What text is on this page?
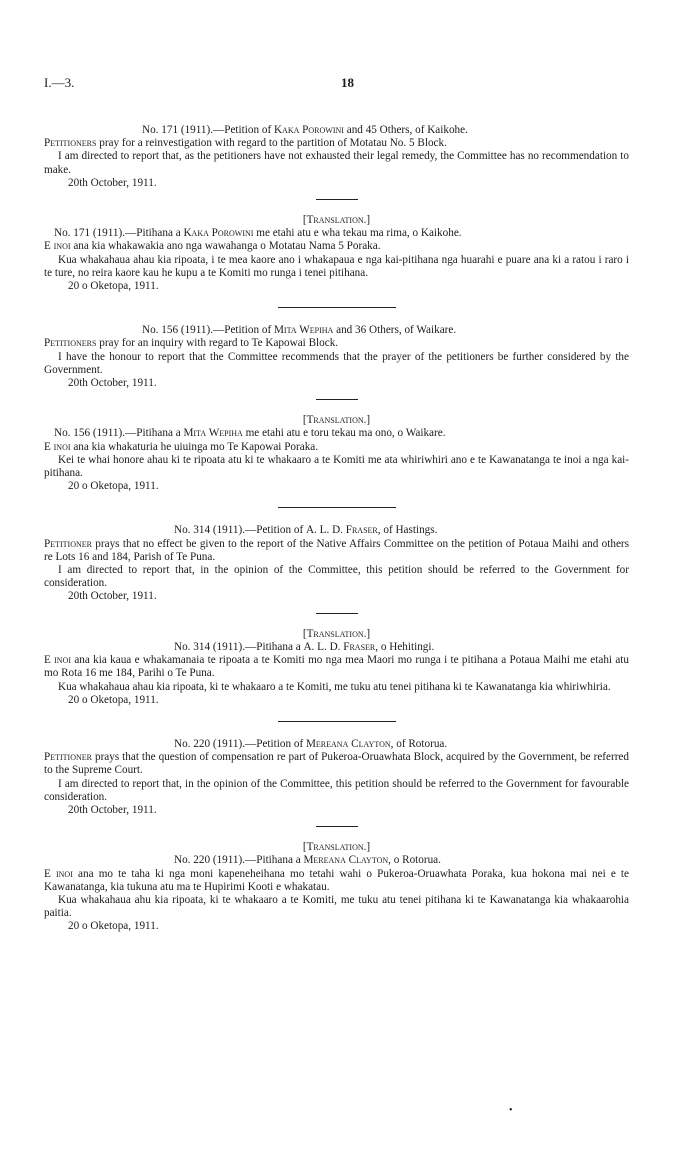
I.—3.	18

No. 171 (1911).—Petition of Kaka Porowini and 45 Others, of Kaikohe.

Petitioners pray for a reinvestigation with regard to the partition of Motatau No. 5 Block.

I am directed to report that, as the petitioners have not exhausted their legal remedy, the Committee has no recommendation to make.

20th October, 1911.

[Translation.]

No. 171 (1911).—Pitihana a Kaka Porowini me etahi atu e wha tekau ma rima, o Kaikohe.

E inoi ana kia whakawakia ano nga wawahanga o Motatau Nama 5 Poraka.

Kua whakahaua ahau kia ripoata, i te mea kaore ano i whakapaua e nga kai-pitihana nga huarahi e puare ana ki a ratou i raro i te ture, no reira kaore kau he kupu a te Komiti mo runga i tenei pitihana.

20 o Oketopa, 1911.

No. 156 (1911).—Petition of Mita Wepiha and 36 Others, of Waikare.

Petitioners pray for an inquiry with regard to Te Kapowai Block.

I have the honour to report that the Committee recommends that the prayer of the petitioners be further considered by the Government.

20th October, 1911.

[Translation.]

No. 156 (1911).—Pitihana a Mita Wepiha me etahi atu e toru tekau ma ono, o Waikare.

E inoi ana kia whakaturia he uiuinga mo Te Kapowai Poraka.

Kei te whai honore ahau ki te ripoata atu ki te whakaaro a te Komiti me ata whiriwhiri ano e te Kawanatanga te inoi a nga kai-pitihana.

20 o Oketopa, 1911.

No. 314 (1911).—Petition of A. L. D. Fraser, of Hastings.

Petitioner prays that no effect be given to the report of the Native Affairs Committee on the petition of Potaua Maihi and others re Lots 16 and 184, Parish of Te Puna.

I am directed to report that, in the opinion of the Committee, this petition should be referred to the Government for consideration.

20th October, 1911.

[Translation.]

No. 314 (1911).—Pitihana a A. L. D. Fraser, o Hehitingi.

E inoi ana kia kaua e whakamanaia te ripoata a te Komiti mo nga mea Maori mo runga i te pitihana a Potaua Maihi me etahi atu mo Rota 16 me 184, Parihi o Te Puna.

Kua whakahaua ahau kia ripoata, ki te whakaaro a te Komiti, me tuku atu tenei pitihana ki te Kawanatanga kia whiriwhiria.

20 o Oketopa, 1911.

No. 220 (1911).—Petition of Mereana Clayton, of Rotorua.

Petitioner prays that the question of compensation re part of Pukeroa-Oruawhata Block, acquired by the Government, be referred to the Supreme Court.

I am directed to report that, in the opinion of the Committee, this petition should be referred to the Government for favourable consideration.

20th October, 1911.

[Translation.]

No. 220 (1911).—Pitihana a Mereana Clayton, o Rotorua.

E inoi ana mo te taha ki nga moni kapeneheihana mo tetahi wahi o Pukeroa-Oruawhata Poraka, kua hokona mai nei e te Kawanatanga, kia tukuna atu ma te Hupirimi Kooti e whakatau.

Kua whakahaua ahu kia ripoata, ki te whakaaro a te Komiti, me tuku atu tenei pitihana ki te Kawanatanga kia whakaarohia paitia.

20 o Oketopa, 1911.

•
